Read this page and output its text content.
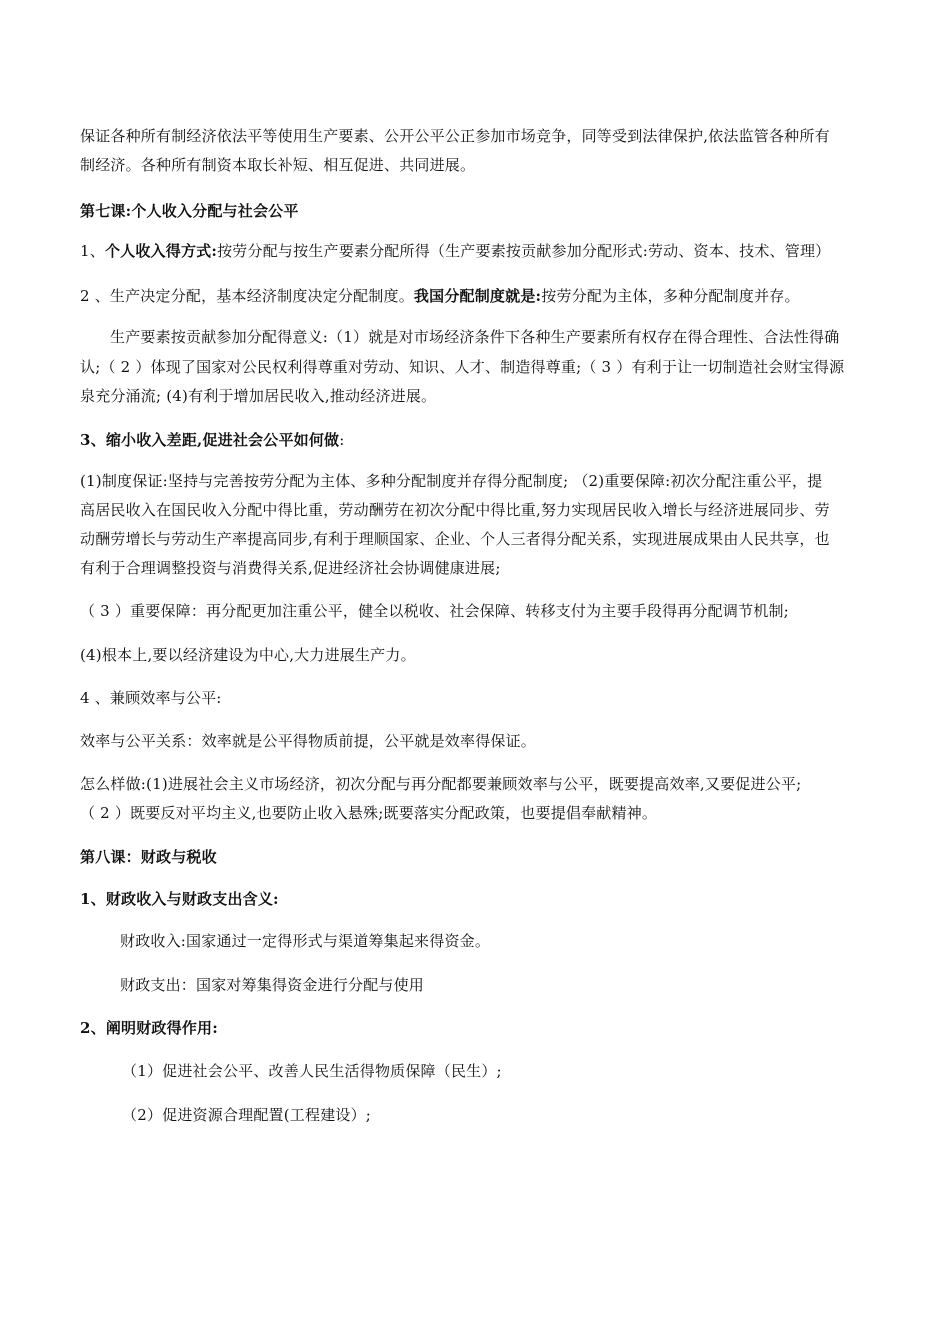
保证各种所有制经济依法平等使用生产要素、公开公平公正参加市场竞争，同等受到法律保护,依法监管各种所有
制经济。各种所有制资本取长补短、相互促进、共同进展。
第七课:个人收入分配与社会公平
1、个人收入得方式:按劳分配与按生产要素分配所得（生产要素按贡献参加分配形式:劳动、资本、技术、管理）
2 、生产决定分配，基本经济制度决定分配制度。我国分配制度就是:按劳分配为主体，多种分配制度并存。
生产要素按贡献参加分配得意义:（1）就是对市场经济条件下各种生产要素所有权存在得合理性、合法性得确
认;（ 2 ）体现了国家对公民权利得尊重对劳动、知识、人才、制造得尊重;（ 3 ）有利于让一切制造社会财宝得源
泉充分涌流; (4)有利于增加居民收入,推动经济进展。
3、缩小收入差距,促进社会公平如何做:
(1)制度保证:坚持与完善按劳分配为主体、多种分配制度并存得分配制度; （2)重要保障:初次分配注重公平，提
高居民收入在国民收入分配中得比重，劳动酬劳在初次分配中得比重,努力实现居民收入增长与经济进展同步、劳
动酬劳增长与劳动生产率提高同步,有利于理顺国家、企业、个人三者得分配关系，实现进展成果由人民共享，也
有利于合理调整投资与消费得关系,促进经济社会协调健康进展;
（ 3 ）重要保障：再分配更加注重公平，健全以税收、社会保障、转移支付为主要手段得再分配调节机制;
(4)根本上,要以经济建设为中心,大力进展生产力。
4 、兼顾效率与公平:
效率与公平关系：效率就是公平得物质前提，公平就是效率得保证。
怎么样做:(1)进展社会主义市场经济，初次分配与再分配都要兼顾效率与公平，既要提高效率,又要促进公平;
（ 2 ）既要反对平均主义,也要防止收入悬殊;既要落实分配政策，也要提倡奉献精神。
第八课：财政与税收
1、财政收入与财政支出含义:
财政收入:国家通过一定得形式与渠道筹集起来得资金。
财政支出：国家对筹集得资金进行分配与使用
2、阐明财政得作用:
（1）促进社会公平、改善人民生活得物质保障（民生）;
（2）促进资源合理配置(工程建设）;
